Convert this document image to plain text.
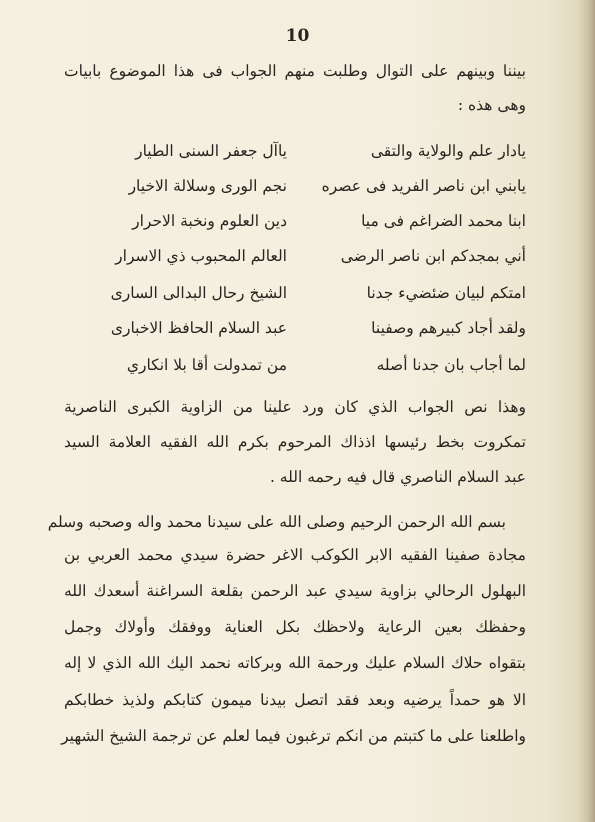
10
بيننا وبينهم على التوال وطلبت منهم الجواب فى هذا الموضوع بابيات
وهى هذه :
يادار علم والولاية والتقى
ياآل جعفر السنى الطيار
يابني ابن ناصر الفريد فى عصره
نجم الورى وسلالة الاخيار
ابنا محمد الضراغم فى ميا
دين العلوم ونخبة الاحرار
أني بمجدكم ابن ناصر الرضى
العالم المحبوب ذي الاسرار
امتكم لبيان ضئضيء جدنا
الشيخ رحال البدالى السارى
ولقد أجاد كبيرهم وصفينا
عبد السلام الحافظ الاخبارى
لما أجاب بان جدنا أصله
من تمدولت أقا بلا انكاري
وهذا نص الجواب الذي كان ورد علينا من الزاوية الكبرى الناصرية
تمكروت بخط رئيسها اذذاك المرحوم بكرم الله الفقيه العلامة السيد
عبد السلام الناصري قال فيه رحمه الله .
بسم الله الرحمن الرحيم وصلى الله على سيدنا محمد واله وصحبه وسلم
مجادة صفينا الفقيه الابر الكوكب الاغر حضرة سيدي محمد العربي بن
البهلول الرحالي بزاوية سيدي عبد الرحمن بقلعة السراغنة أسعدك الله
وحفظك بعين الرعاية ولاحظك بكل العناية ووفقك وأولاك وجمل
بتقواه حلاك السلام عليك ورحمة الله وبركاته نحمد اليك الله الذي لا إله
الا هو حمداً يرضيه وبعد فقد اتصل بيدنا ميمون كتابكم ولذيذ خطابكم
واطلعنا على ما كتبتم من انكم ترغبون فيما لعلم عن ترجمة الشيخ الشهير
